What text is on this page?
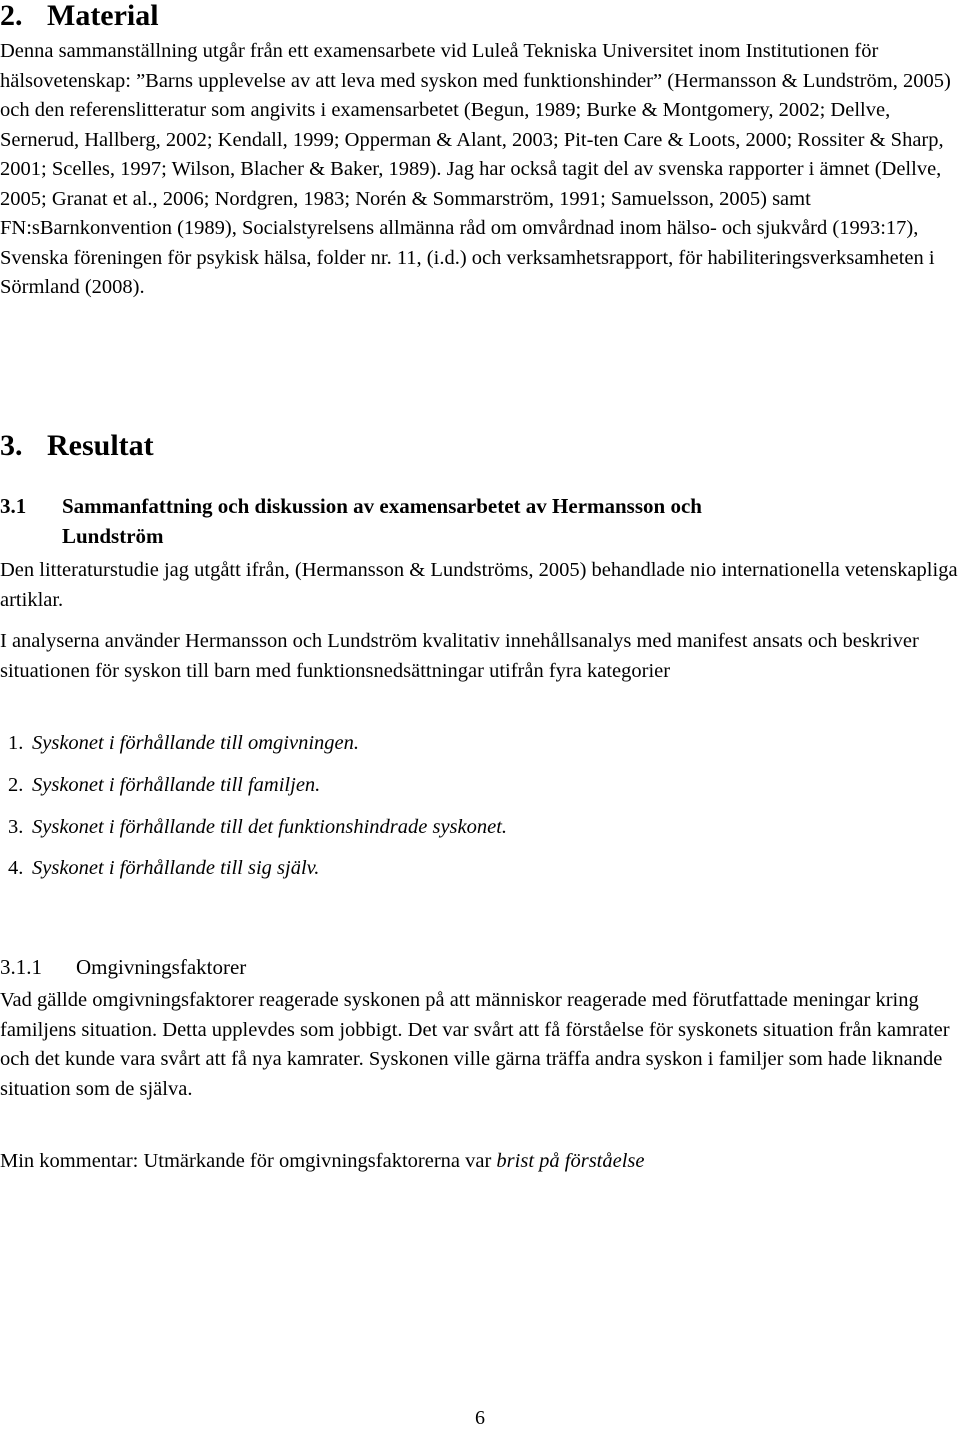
2. Material

Denna sammanställning utgår från ett examensarbete vid Luleå Tekniska Universitet inom Institutionen för hälsovetenskap: ”Barns upplevelse av att leva med syskon med funktionshinder” (Hermansson & Lundström, 2005) och den referenslitteratur som angivits i examensarbetet (Begun, 1989; Burke & Montgomery, 2002; Dellve, Sernerud, Hallberg, 2002; Kendall, 1999; Opperman & Alant, 2003; Pit-ten Care & Loots, 2000; Rossiter & Sharp, 2001; Scelles, 1997; Wilson, Blacher & Baker, 1989). Jag har också tagit del av svenska rapporter i ämnet (Dellve, 2005; Granat et al., 2006; Nordgren, 1983; Norén & Sommarström, 1991; Samuelsson, 2005) samt FN:sBarnkonvention (1989), Socialstyrelsens allmänna råd om omvårdnad inom hälso- och sjukvård (1993:17), Svenska föreningen för psykisk hälsa, folder nr. 11, (i.d.) och verksamhetsrapport, för habiliteringsverksamheten i Sörmland (2008).

3. Resultat
3.1 Sammanfattning och diskussion av examensarbetet av Hermansson och
Lundström

Den litteraturstudie jag utgått ifrån, (Hermansson & Lundströms, 2005) behandlade nio internationella vetenskapliga artiklar.

I analyserna använder Hermansson och Lundström kvalitativ innehållsanalys med manifest ansats och beskriver situationen för syskon till barn med funktionsnedsättningar utifrån fyra kategorier

1. Syskonet i förhållande till omgivningen.
2. Syskonet i förhållande till familjen.
3. Syskonet i förhållande till det funktionshindrade syskonet.
4. Syskonet i förhållande till sig själv.
3.1.1 Omgivningsfaktorer

Vad gällde omgivningsfaktorer reagerade syskonen på att människor reagerade med förutfattade meningar kring familjens situation. Detta upplevdes som jobbigt. Det var svårt att få förståelse för syskonets situation från kamrater och det kunde vara svårt att få nya kamrater. Syskonen ville gärna träffa andra syskon i familjer som hade liknande situation som de själva.

Min kommentar: Utmärkande för omgivningsfaktorerna var brist på förståelse

6
